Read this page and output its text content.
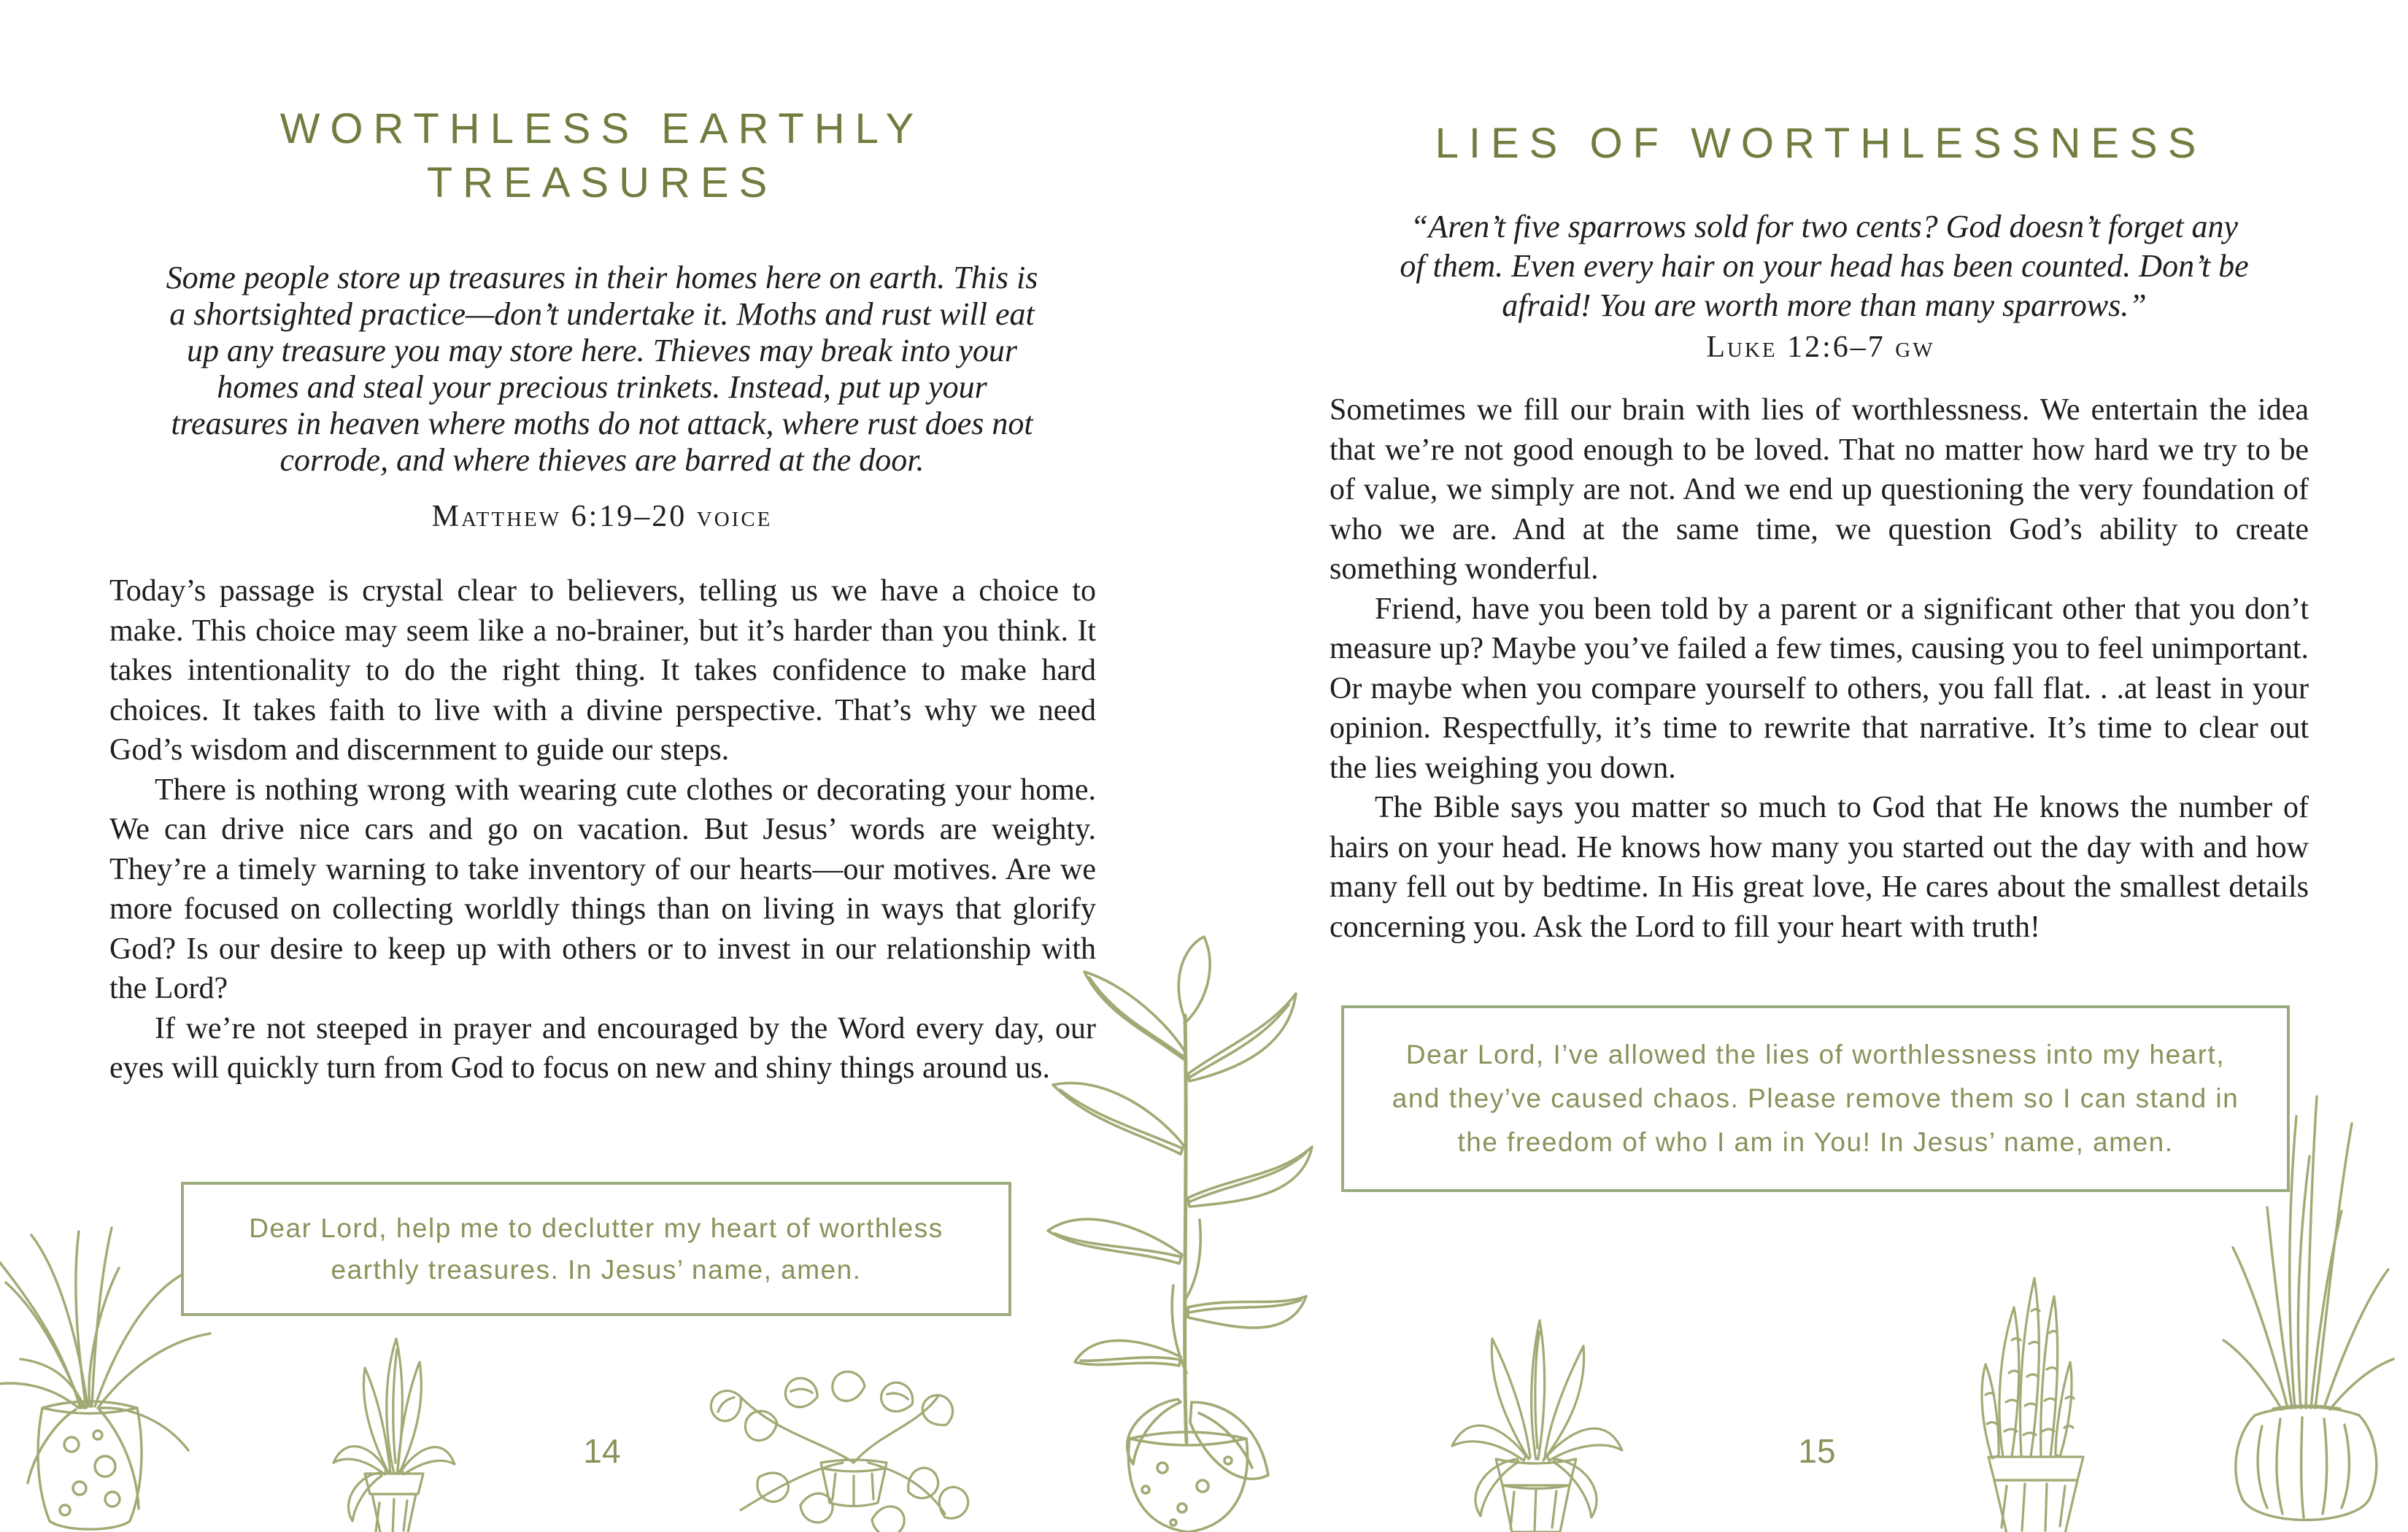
WORTHLESS EARTHLY
TREASURES
Some people store up treasures in their homes here on earth. This is a shortsighted practice—don’t undertake it. Moths and rust will eat up any treasure you may store here. Thieves may break into your homes and steal your precious trinkets. Instead, put up your treasures in heaven where moths do not attack, where rust does not corrode, and where thieves are barred at the door.
Matthew 6:19–20 voice

Today’s passage is crystal clear to believers, telling us we have a choice to make. This choice may seem like a no-brainer, but it’s harder than you think. It takes intentionality to do the right thing. It takes confidence to make hard choices. It takes faith to live with a divine perspective. That’s why we need God’s wisdom and discernment to guide our steps.

There is nothing wrong with wearing cute clothes or decorating your home. We can drive nice cars and go on vacation. But Jesus’ words are weighty. They’re a timely warning to take inventory of our hearts—our motives. Are we more focused on collecting worldly things than on living in ways that glorify God? Is our desire to keep up with others or to invest in our relationship with the Lord?

If we’re not steeped in prayer and encouraged by the Word every day, our eyes will quickly turn from God to focus on new and shiny things around us.

Dear Lord, help me to declutter my heart of worthless earthly treasures. In Jesus’ name, amen.
14
LIES OF WORTHLESSNESS
“Aren’t five sparrows sold for two cents? God doesn’t forget any of them. Even every hair on your head has been counted. Don’t be afraid! You are worth more than many sparrows.”
Luke 12:6–7 gw

Sometimes we fill our brain with lies of worthlessness. We entertain the idea that we’re not good enough to be loved. That no matter how hard we try to be of value, we simply are not. And we end up questioning the very foundation of who we are. And at the same time, we question God’s ability to create something wonderful.

Friend, have you been told by a parent or a significant other that you don’t measure up? Maybe you’ve failed a few times, causing you to feel unimportant. Or maybe when you compare yourself to others, you fall flat. . .at least in your opinion. Respectfully, it’s time to rewrite that narrative. It’s time to clear out the lies weighing you down.

The Bible says you matter so much to God that He knows the number of hairs on your head. He knows how many you started out the day with and how many fell out by bedtime. In His great love, He cares about the smallest details concerning you. Ask the Lord to fill your heart with truth!

Dear Lord, I’ve allowed the lies of worthlessness into my heart, and they’ve caused chaos. Please remove them so I can stand in the freedom of who I am in You! In Jesus’ name, amen.
15
